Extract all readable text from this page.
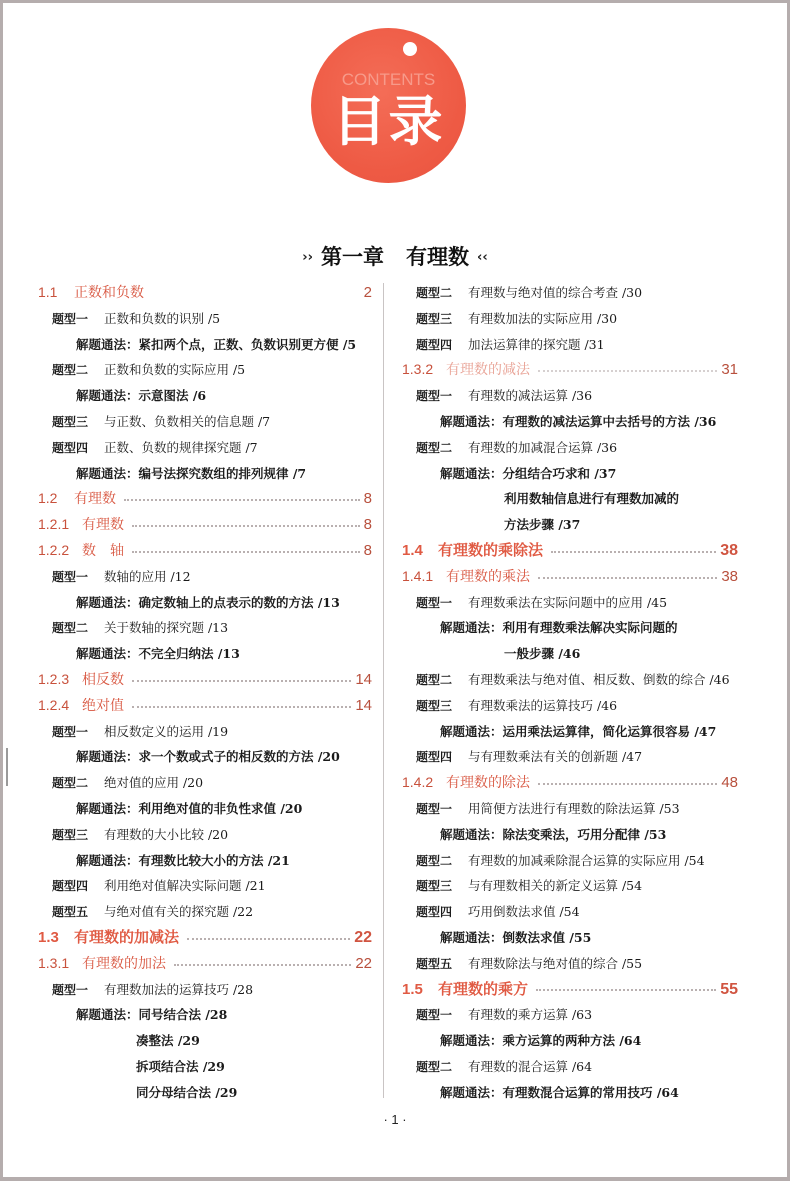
CONTENTS
目录
›› 第一章 有理数 ‹‹
1.1	正数和负数	2
题型一 正数和负数的识别 /5
解题通法：紧扣两个点，正数、负数识别更方便 /5
题型二 正数和负数的实际应用 /5
解题通法：示意图法 /6
题型三 与正数、负数相关的信息题 /7
题型四 正数、负数的规律探究题 /7
解题通法：编号法探究数组的排列规律 /7
1.2	有理数	8
1.2.1 有理数	8
1.2.2 数　轴	8
题型一 数轴的应用 /12
解题通法：确定数轴上的点表示的数的方法 /13
题型二 关于数轴的探究题 /13
解题通法：不完全归纳法 /13
1.2.3 相反数	14
1.2.4 绝对值	14
题型一 相反数定义的运用 /19
解题通法：求一个数或式子的相反数的方法 /20
题型二 绝对值的应用 /20
解题通法：利用绝对值的非负性求值 /20
题型三 有理数的大小比较 /20
解题通法：有理数比较大小的方法 /21
题型四 利用绝对值解决实际问题 /21
题型五 与绝对值有关的探究题 /22
1.3	有理数的加减法	22
1.3.1 有理数的加法	22
题型一 有理数加法的运算技巧 /28
解题通法：同号结合法 /28
凑整法 /29
拆项结合法 /29
同分母结合法 /29
题型二 有理数与绝对值的综合考查 /30
题型三 有理数加法的实际应用 /30
题型四 加法运算律的探究题 /31
1.3.2 有理数的减法	31
题型一 有理数的减法运算 /36
解题通法：有理数的减法运算中去括号的方法 /36
题型二 有理数的加减混合运算 /36
解题通法：分组结合巧求和 /37
利用数轴信息进行有理数加减的
方法步骤 /37
1.4	有理数的乘除法	38
1.4.1 有理数的乘法	38
题型一 有理数乘法在实际问题中的应用 /45
解题通法：利用有理数乘法解决实际问题的
一般步骤 /46
题型二 有理数乘法与绝对值、相反数、倒数的综合 /46
题型三 有理数乘法的运算技巧 /46
解题通法：运用乘法运算律，简化运算很容易 /47
题型四 与有理数乘法有关的创新题 /47
1.4.2 有理数的除法	48
题型一 用简便方法进行有理数的除法运算 /53
解题通法：除法变乘法，巧用分配律 /53
题型二 有理数的加减乘除混合运算的实际应用 /54
题型三 与有理数相关的新定义运算 /54
题型四 巧用倒数法求值 /54
解题通法：倒数法求值 /55
题型五 有理数除法与绝对值的综合 /55
1.5	有理数的乘方	55
题型一 有理数的乘方运算 /63
解题通法：乘方运算的两种方法 /64
题型二 有理数的混合运算 /64
解题通法：有理数混合运算的常用技巧 /64
· 1 ·
